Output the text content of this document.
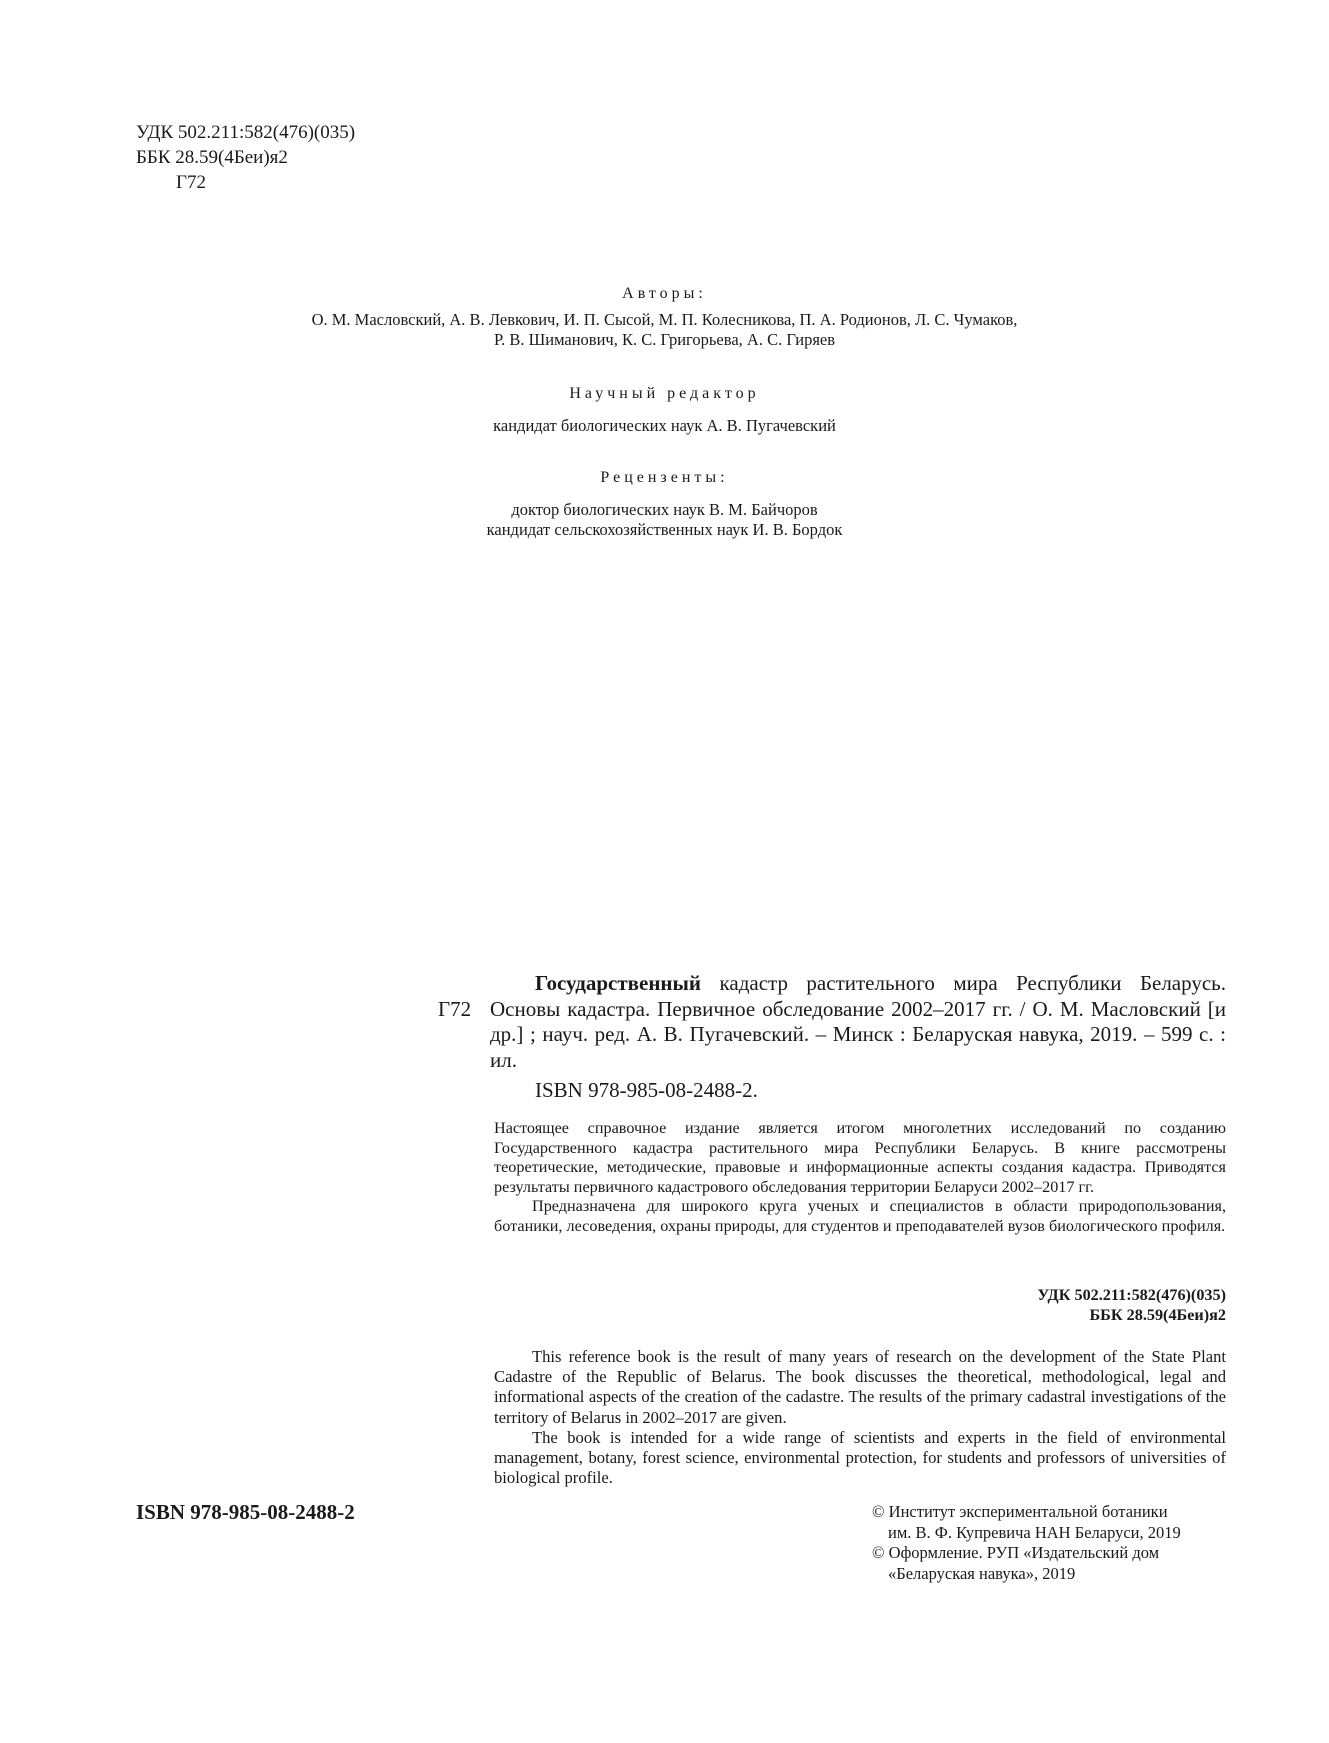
УДК 502.211:582(476)(035)
ББК 28.59(4Беи)я2
Г72
Авторы:
О. М. Масловский, А. В. Левкович, И. П. Сысой, М. П. Колесникова, П. А. Родионов, Л. С. Чумаков,
Р. В. Шиманович, К. С. Григорьева, А. С. Гиряев
Научный редактор
кандидат биологических наук А. В. Пугачевский
Рецензенты:
доктор биологических наук В. М. Байчоров
кандидат сельскохозяйственных наук И. В. Бордок
Г72

Государственный кадастр растительного мира Республики Беларусь. Основы кадастра. Первичное обследование 2002–2017 гг. / О. М. Масловский [и др.] ; науч. ред. А. В. Пугачевский. – Минск : Беларуская навука, 2019. – 599 с. : ил.

ISBN 978-985-08-2488-2.

Настоящее справочное издание является итогом многолетних исследований по созданию Государственного кадастра растительного мира Республики Беларусь. В книге рассмотрены теоретические, методические, правовые и информационные аспекты создания кадастра. Приводятся результаты первичного кадастрового обследования территории Беларуси 2002–2017 гг.

Предназначена для широкого круга ученых и специалистов в области природопользования, ботаники, лесоведения, охраны природы, для студентов и преподавателей вузов биологического профиля.

УДК 502.211:582(476)(035)
ББК 28.59(4Беи)я2

This reference book is the result of many years of research on the development of the State Plant Cadastre of the Republic of Belarus. The book discusses the theoretical, methodological, legal and informational aspects of the creation of the cadastre. The results of the primary cadastral investigations of the territory of Belarus in 2002–2017 are given.

The book is intended for a wide range of scientists and experts in the field of environmental management, botany, forest science, environmental protection, for students and professors of universities of biological profile.

ISBN 978-985-08-2488-2	© Институт экспериментальной ботаники
им. В. Ф. Купревича НАН Беларуси, 2019
© Оформление. РУП «Издательский дом
«Беларуская навука», 2019
